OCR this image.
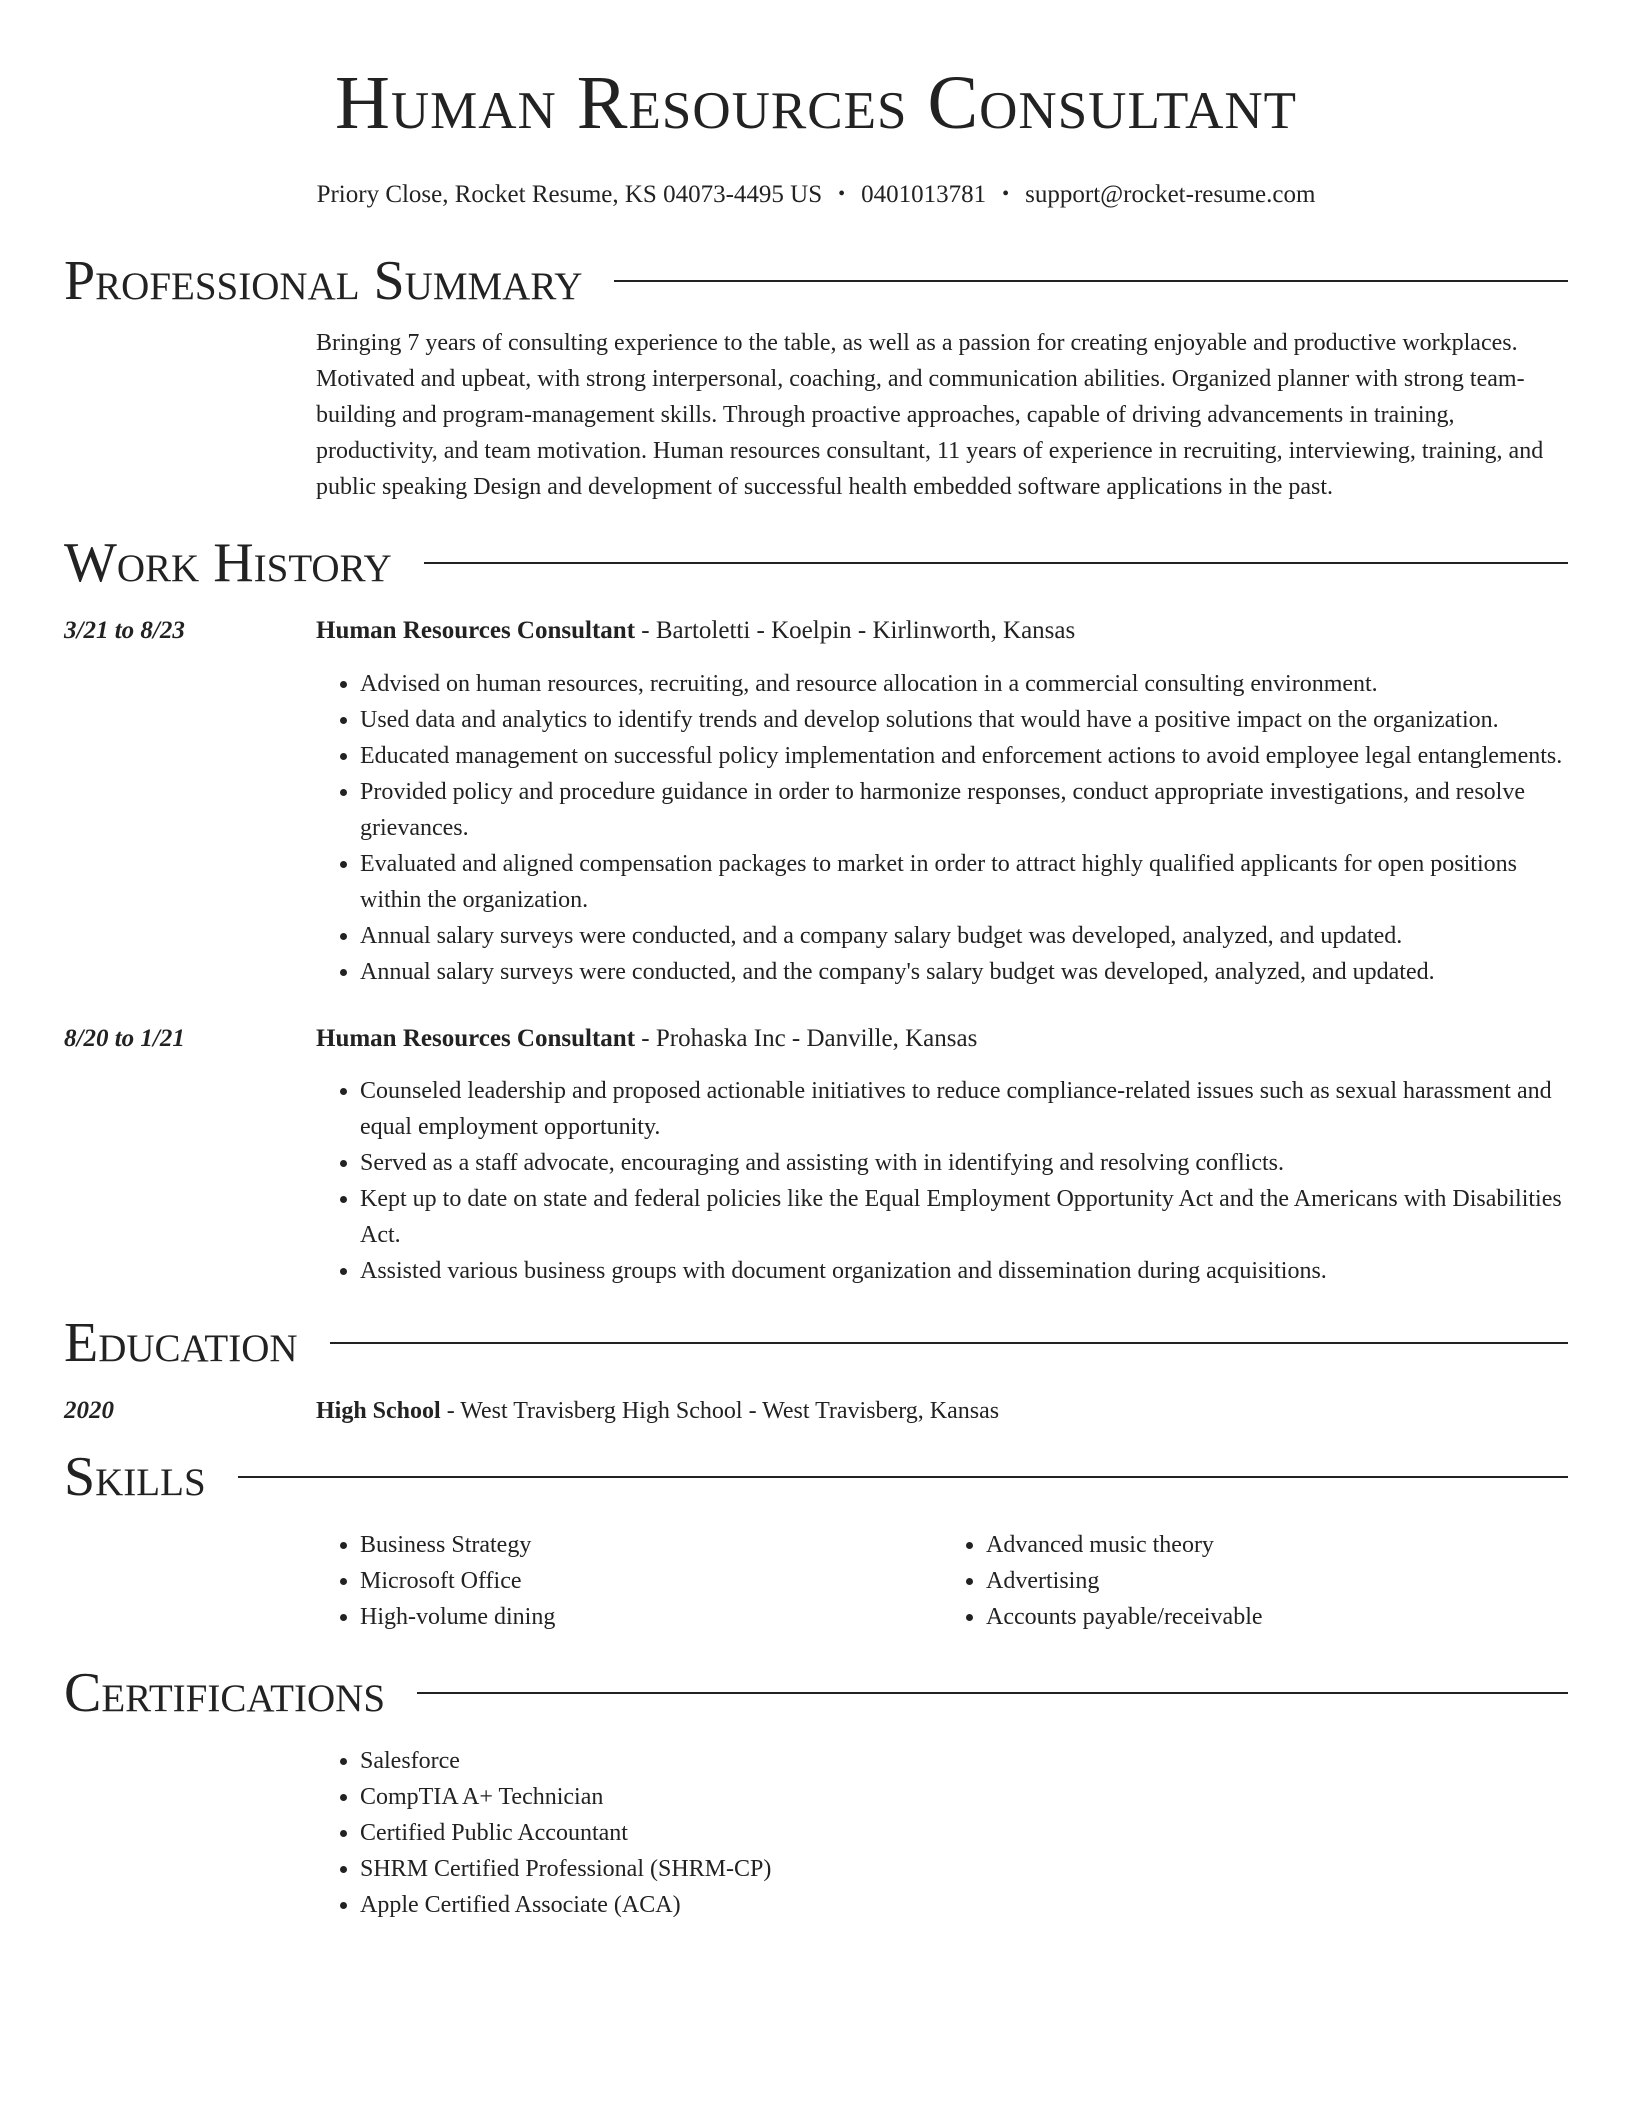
Human Resources Consultant
Priory Close, Rocket Resume, KS 04073-4495 US • 0401013781 • support@rocket-resume.com
Professional Summary
Bringing 7 years of consulting experience to the table, as well as a passion for creating enjoyable and productive workplaces. Motivated and upbeat, with strong interpersonal, coaching, and communication abilities. Organized planner with strong team-building and program-management skills. Through proactive approaches, capable of driving advancements in training, productivity, and team motivation. Human resources consultant, 11 years of experience in recruiting, interviewing, training, and public speaking Design and development of successful health embedded software applications in the past.
Work History
3/21 to 8/23	Human Resources Consultant - Bartoletti - Koelpin - Kirlinworth, Kansas
• Advised on human resources, recruiting, and resource allocation in a commercial consulting environment.
• Used data and analytics to identify trends and develop solutions that would have a positive impact on the organization.
• Educated management on successful policy implementation and enforcement actions to avoid employee legal entanglements.
• Provided policy and procedure guidance in order to harmonize responses, conduct appropriate investigations, and resolve grievances.
• Evaluated and aligned compensation packages to market in order to attract highly qualified applicants for open positions within the organization.
• Annual salary surveys were conducted, and a company salary budget was developed, analyzed, and updated.
• Annual salary surveys were conducted, and the company's salary budget was developed, analyzed, and updated.
8/20 to 1/21	Human Resources Consultant - Prohaska Inc - Danville, Kansas
• Counseled leadership and proposed actionable initiatives to reduce compliance-related issues such as sexual harassment and equal employment opportunity.
• Served as a staff advocate, encouraging and assisting with in identifying and resolving conflicts.
• Kept up to date on state and federal policies like the Equal Employment Opportunity Act and the Americans with Disabilities Act.
• Assisted various business groups with document organization and dissemination during acquisitions.
Education
2020	High School - West Travisberg High School - West Travisberg, Kansas
Skills
• Business Strategy
• Microsoft Office
• High-volume dining
• Advanced music theory
• Advertising
• Accounts payable/receivable
Certifications
• Salesforce
• CompTIA A+ Technician
• Certified Public Accountant
• SHRM Certified Professional (SHRM-CP)
• Apple Certified Associate (ACA)
